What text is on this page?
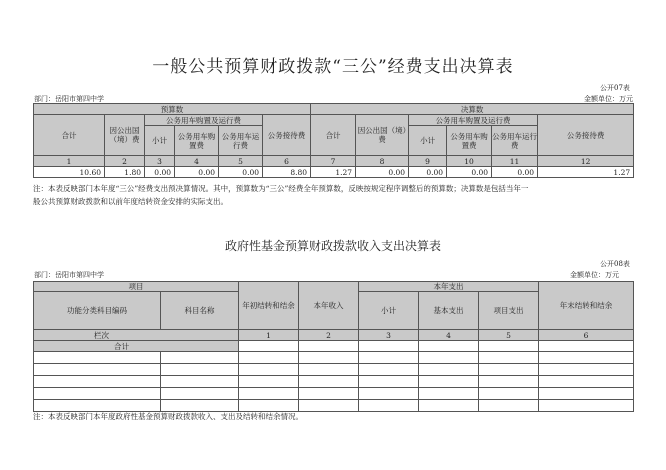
一般公共预算财政拨款“三公”经费支出决算表
公开07表
部门：岳阳市第四中学	金额单位：万元
预算数						决算数					
合计	因公出国（境）费	公务用车购置及运行费			公务接待费	合计	因公出国（境）费	公务用车购置及运行费			公务接待费
		小计	公务用车购置费	公务用车运行费				小计	公务用车购置费	公务用车运行费	
1	2	3	4	5	6	7	8	9	10	11	12
10.60	1.80	0.00	0.00	0.00	8.80	1.27	0.00	0.00	0.00	0.00	1.27
注：本表反映部门本年度“三公”经费支出预决算情况。其中，预算数为“三公”经费全年预算数，反映按规定程序调整后的预算数；决算数是包括当年一
般公共预算财政拨款和以前年度结转资金安排的实际支出。
政府性基金预算财政拨款收入支出决算表
公开08表
部门：岳阳市第四中学	金额单位：万元
项目		年初结转和结余	本年收入	本年支出			年末结转和结余
功能分类科目编码	科目名称			小计	基本支出	项目支出	
栏次		1	2	3	4	5	6
合计							

注：本表反映部门本年度政府性基金预算财政拨款收入、支出及结转和结余情况。
